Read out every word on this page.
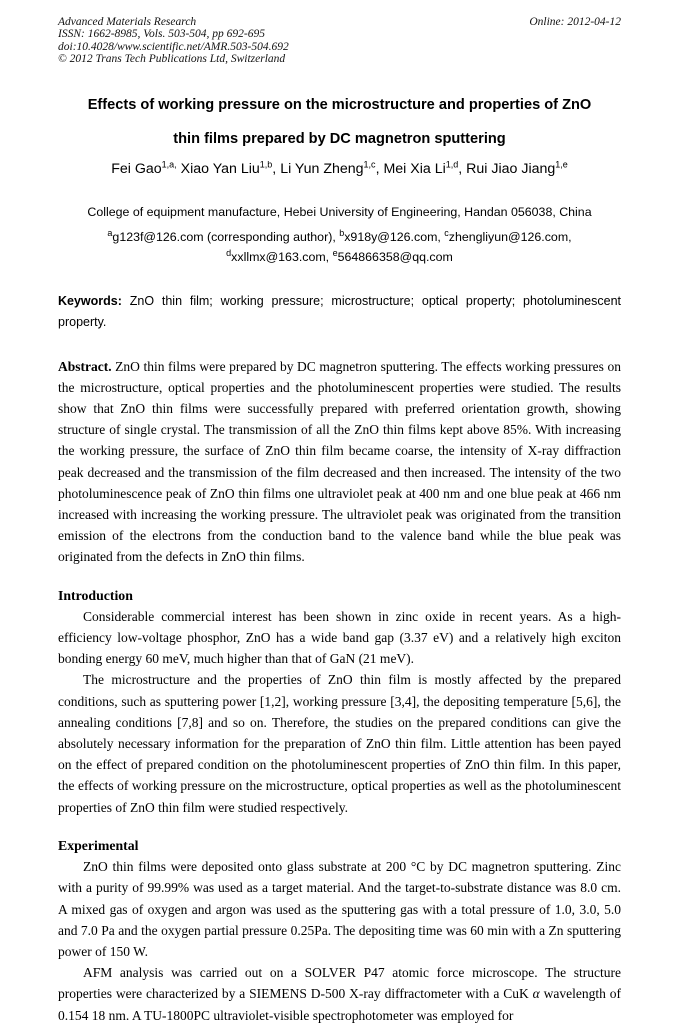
Advanced Materials Research
ISSN: 1662-8985, Vols. 503-504, pp 692-695
doi:10.4028/www.scientific.net/AMR.503-504.692
© 2012 Trans Tech Publications Ltd, Switzerland
Online: 2012-04-12
Effects of working pressure on the microstructure and properties of ZnO
thin films prepared by DC magnetron sputtering
Fei Gao$^{1,a,}$ Xiao Yan Liu$^{1,b}$, Li Yun Zheng$^{1,c}$, Mei Xia Li$^{1,d}$, Rui Jiao Jiang$^{1,e}$
College of equipment manufacture, Hebei University of Engineering, Handan 056038, China
$^a$g123f@126.com (corresponding author), $^b$x918y@126.com, $^c$zhengliyun@126.com,
$^d$xxllmx@163.com, $^e$564866358@qq.com

Keywords: ZnO thin film; working pressure; microstructure; optical property; photoluminescent property.

Abstract. ZnO thin films were prepared by DC magnetron sputtering. The effects working pressures on the microstructure, optical properties and the photoluminescent properties were studied. The results show that ZnO thin films were successfully prepared with preferred orientation growth, showing structure of single crystal. The transmission of all the ZnO thin films kept above 85%. With increasing the working pressure, the surface of ZnO thin film became coarse, the intensity of X-ray diffraction peak decreased and the transmission of the film decreased and then increased. The intensity of the two photoluminescence peak of ZnO thin films one ultraviolet peak at 400 nm and one blue peak at 466 nm increased with increasing the working pressure. The ultraviolet peak was originated from the transition emission of the electrons from the conduction band to the valence band while the blue peak was originated from the defects in ZnO thin films.

Introduction

Considerable commercial interest has been shown in zinc oxide in recent years. As a high-efficiency low-voltage phosphor, ZnO has a wide band gap (3.37 eV) and a relatively high exciton bonding energy 60 meV, much higher than that of GaN (21 meV).

The microstructure and the properties of ZnO thin film is mostly affected by the prepared conditions, such as sputtering power [1,2], working pressure [3,4], the depositing temperature [5,6], the annealing conditions [7,8] and so on. Therefore, the studies on the prepared conditions can give the absolutely necessary information for the preparation of ZnO thin film. Little attention has been payed on the effect of prepared condition on the photoluminescent properties of ZnO thin film. In this paper, the effects of working pressure on the microstructure, optical properties as well as the photoluminescent properties of ZnO thin film were studied respectively.

Experimental

ZnO thin films were deposited onto glass substrate at 200 °C by DC magnetron sputtering. Zinc with a purity of 99.99% was used as a target material. And the target-to-substrate distance was 8.0 cm. A mixed gas of oxygen and argon was used as the sputtering gas with a total pressure of 1.0, 3.0, 5.0 and 7.0 Pa and the oxygen partial pressure 0.25Pa. The depositing time was 60 min with a Zn sputtering power of 150 W.

AFM analysis was carried out on a SOLVER P47 atomic force microscope. The structure properties were characterized by a SIEMENS D-500 X-ray diffractometer with a CuK α wavelength of 0.154 18 nm. A TU-1800PC ultraviolet-visible spectrophotometer was employed for
